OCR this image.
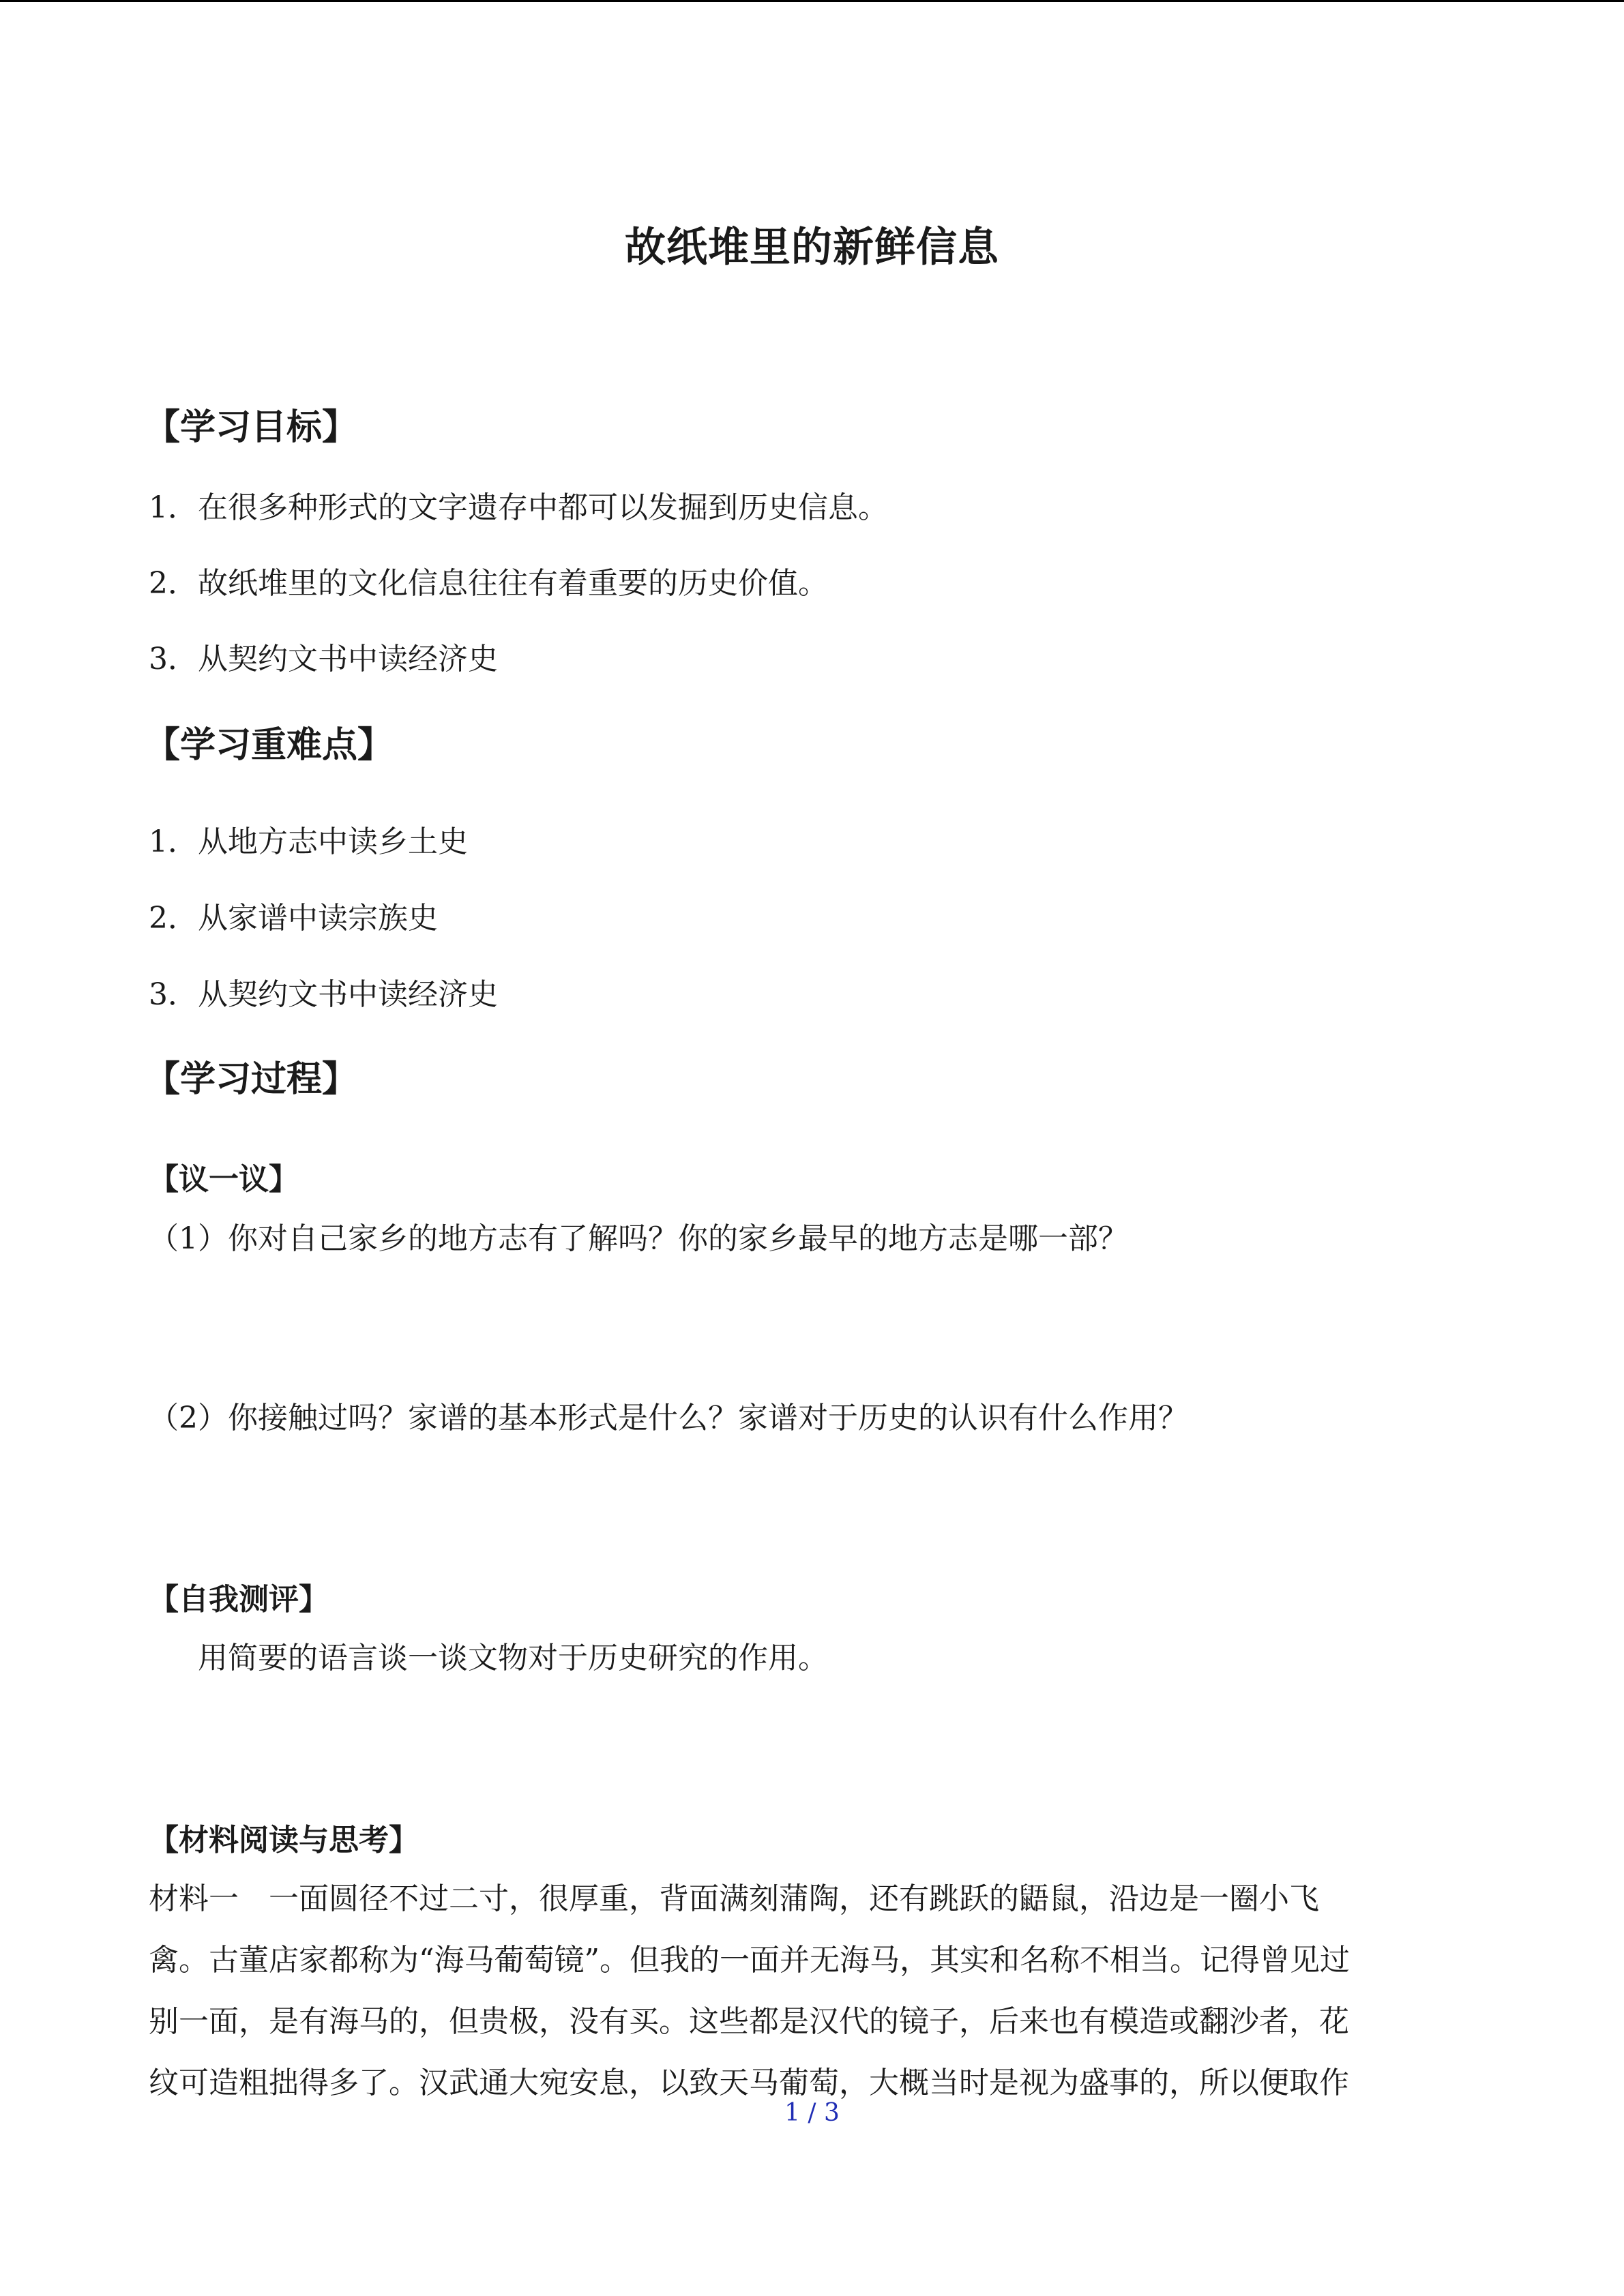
故纸堆里的新鲜信息
【学习目标】
1．在很多种形式的文字遗存中都可以发掘到历史信息。
2．故纸堆里的文化信息往往有着重要的历史价值。
3．从契约文书中读经济史
【学习重难点】
1．从地方志中读乡土史
2．从家谱中读宗族史
3．从契约文书中读经济史
【学习过程】
【议一议】
（1）你对自己家乡的地方志有了解吗？你的家乡最早的地方志是哪一部？
（2）你接触过吗？家谱的基本形式是什么？家谱对于历史的认识有什么作用？
【自我测评】
用简要的语言谈一谈文物对于历史研究的作用。
【材料阅读与思考】
材料一　一面圆径不过二寸，很厚重，背面满刻蒲陶，还有跳跃的鼯鼠，沿边是一圈小飞
禽。古董店家都称为“海马葡萄镜”。但我的一面并无海马，其实和名称不相当。记得曾见过
别一面，是有海马的，但贵极，没有买。这些都是汉代的镜子，后来也有模造或翻沙者，花
纹可造粗拙得多了。汉武通大宛安息，以致天马葡萄，大概当时是视为盛事的，所以便取作
1 / 3
